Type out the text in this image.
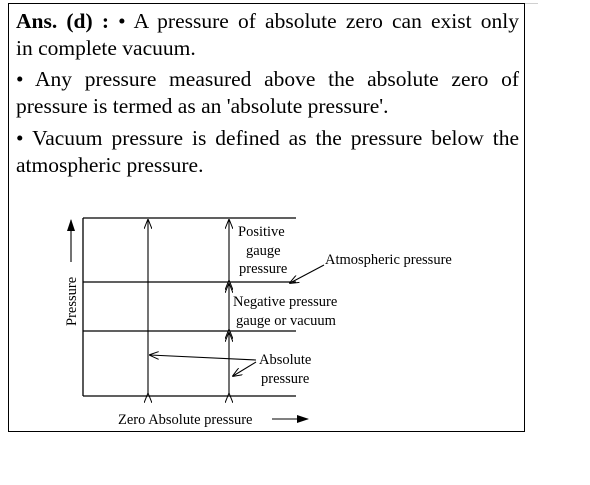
Ans. (d) : • A pressure of absolute zero can exist only
in complete vacuum.
• Any pressure measured above the absolute zero of
pressure is termed as an 'absolute pressure'.
• Vacuum pressure is defined as the pressure below the
atmospheric pressure.
Positive
gauge
pressure
Atmospheric pressure
Negative pressure
gauge or vacuum
Absolute
pressure
Pressure
Zero Absolute pressure
